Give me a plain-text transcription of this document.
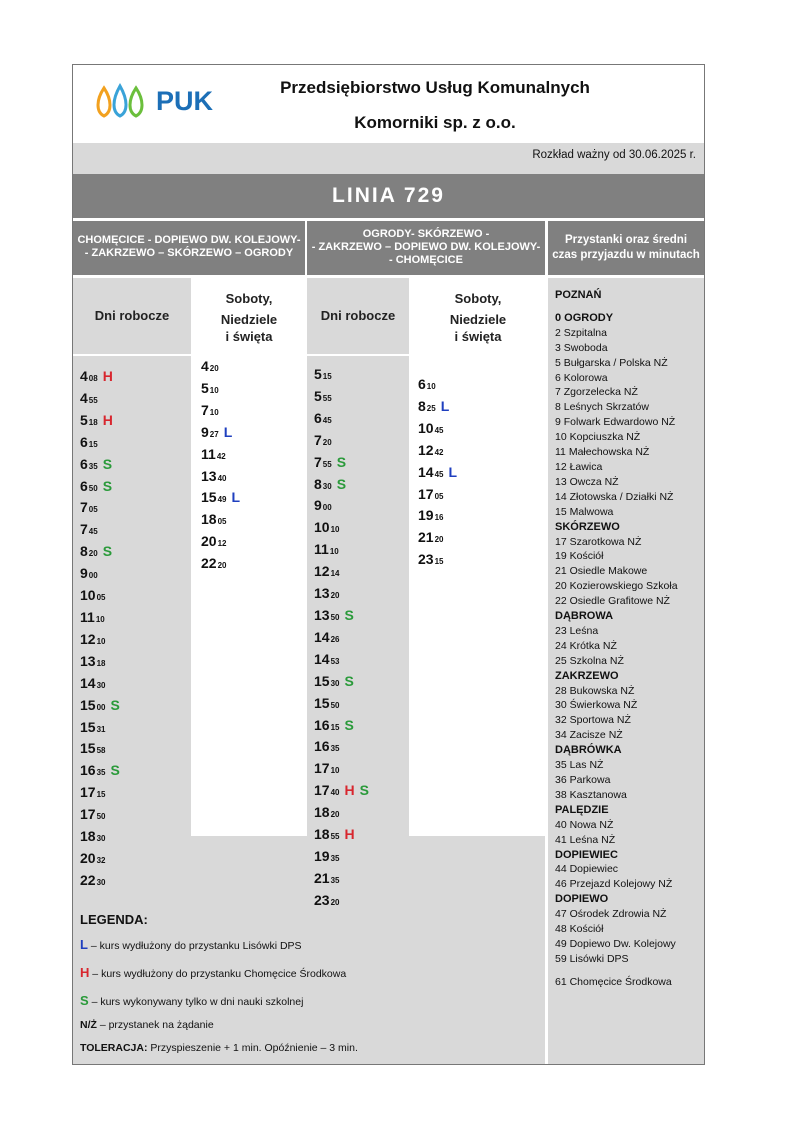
PUK	Przedsiębiorstwo Usług Komunalnych
Komorniki sp. z o.o.
Rozkład ważny od 30.06.2025 r.
LINIA 729
CHOMĘCICE - DOPIEWO DW. KOLEJOWY-
- ZAKRZEWO – SKÓRZEWO – OGRODY
OGRODY- SKÓRZEWO -
- ZAKRZEWO – DOPIEWO DW. KOLEJOWY-
- CHOMĘCICE
Przystanki oraz średni
czas przyjazdu w minutach
Dni robocze
Soboty,
Niedziele
i święta
Dni robocze
Soboty,
Niedziele
i święta
$4_{08}$ H
$4_{55}$
$5_{18}$ H
$6_{15}$
$6_{35}$ S
$6_{50}$ S
$7_{05}$
$7_{45}$
$8_{20}$ S
$9_{00}$
$10_{05}$
$11_{10}$
$12_{10}$
$13_{18}$
$14_{30}$
$15_{00}$ S
$15_{31}$
$15_{58}$
$16_{35}$ S
$17_{15}$
$17_{50}$
$18_{30}$
$20_{32}$
$22_{30}$
$4_{20}$
$5_{10}$
$7_{10}$
$9_{27}$ L
$11_{42}$
$13_{40}$
$15_{49}$ L
$18_{05}$
$20_{12}$
$22_{20}$
$5_{15}$
$5_{55}$
$6_{45}$
$7_{20}$
$7_{55}$ S
$8_{30}$ S
$9_{00}$
$10_{10}$
$11_{10}$
$12_{14}$
$13_{20}$
$13_{50}$ S
$14_{26}$
$14_{53}$
$15_{30}$ S
$15_{50}$
$16_{15}$ S
$16_{35}$
$17_{10}$
$17_{40}$ H S
$18_{20}$
$18_{55}$ H
$19_{35}$
$21_{35}$
$23_{20}$
$6_{10}$
$8_{25}$ L
$10_{45}$
$12_{42}$
$14_{45}$ L
$17_{05}$
$19_{16}$
$21_{20}$
$23_{15}$
POZNAŃ
0 OGRODY
2 Szpitalna
3 Swoboda
5 Bułgarska / Polska NŻ
6 Kolorowa
7 Zgorzelecka NŻ
8 Leśnych Skrzatów
9 Folwark Edwardowo NŻ
10 Kopciuszka NŻ
11 Małechowska NŻ
12 Ławica
13 Owcza NŻ
14 Złotowska / Działki NŻ
15 Malwowa
SKÓRZEWO
17 Szarotkowa NŻ
19 Kościół
21 Osiedle Makowe
20 Kozierowskiego Szkoła
22 Osiedle Grafitowe NŻ
DĄBROWA
23 Leśna
24 Krótka NŻ
25 Szkolna NŻ
ZAKRZEWO
28 Bukowska NŻ
30 Świerkowa NŻ
32 Sportowa NŻ
34 Zacisze NŻ
DĄBRÓWKA
35 Las NŻ
36 Parkowa
38 Kasztanowa
PALĘDZIE
40 Nowa NŻ
41 Leśna NŻ
DOPIEWIEC
44 Dopiewiec
46 Przejazd Kolejowy NŻ
DOPIEWO
47 Ośrodek Zdrowia NŻ
48 Kościół
49 Dopiewo Dw. Kolejowy
59 Lisówki DPS
61 Chomęcice Środkowa
LEGENDA:
L – kurs wydłużony do przystanku Lisówki DPS
H – kurs wydłużony do przystanku Chomęcice Środkowa
S – kurs wykonywany tylko w dni nauki szkolnej
N/Ż – przystanek na żądanie
TOLERACJA: Przyspieszenie + 1 min. Opóźnienie – 3 min.
